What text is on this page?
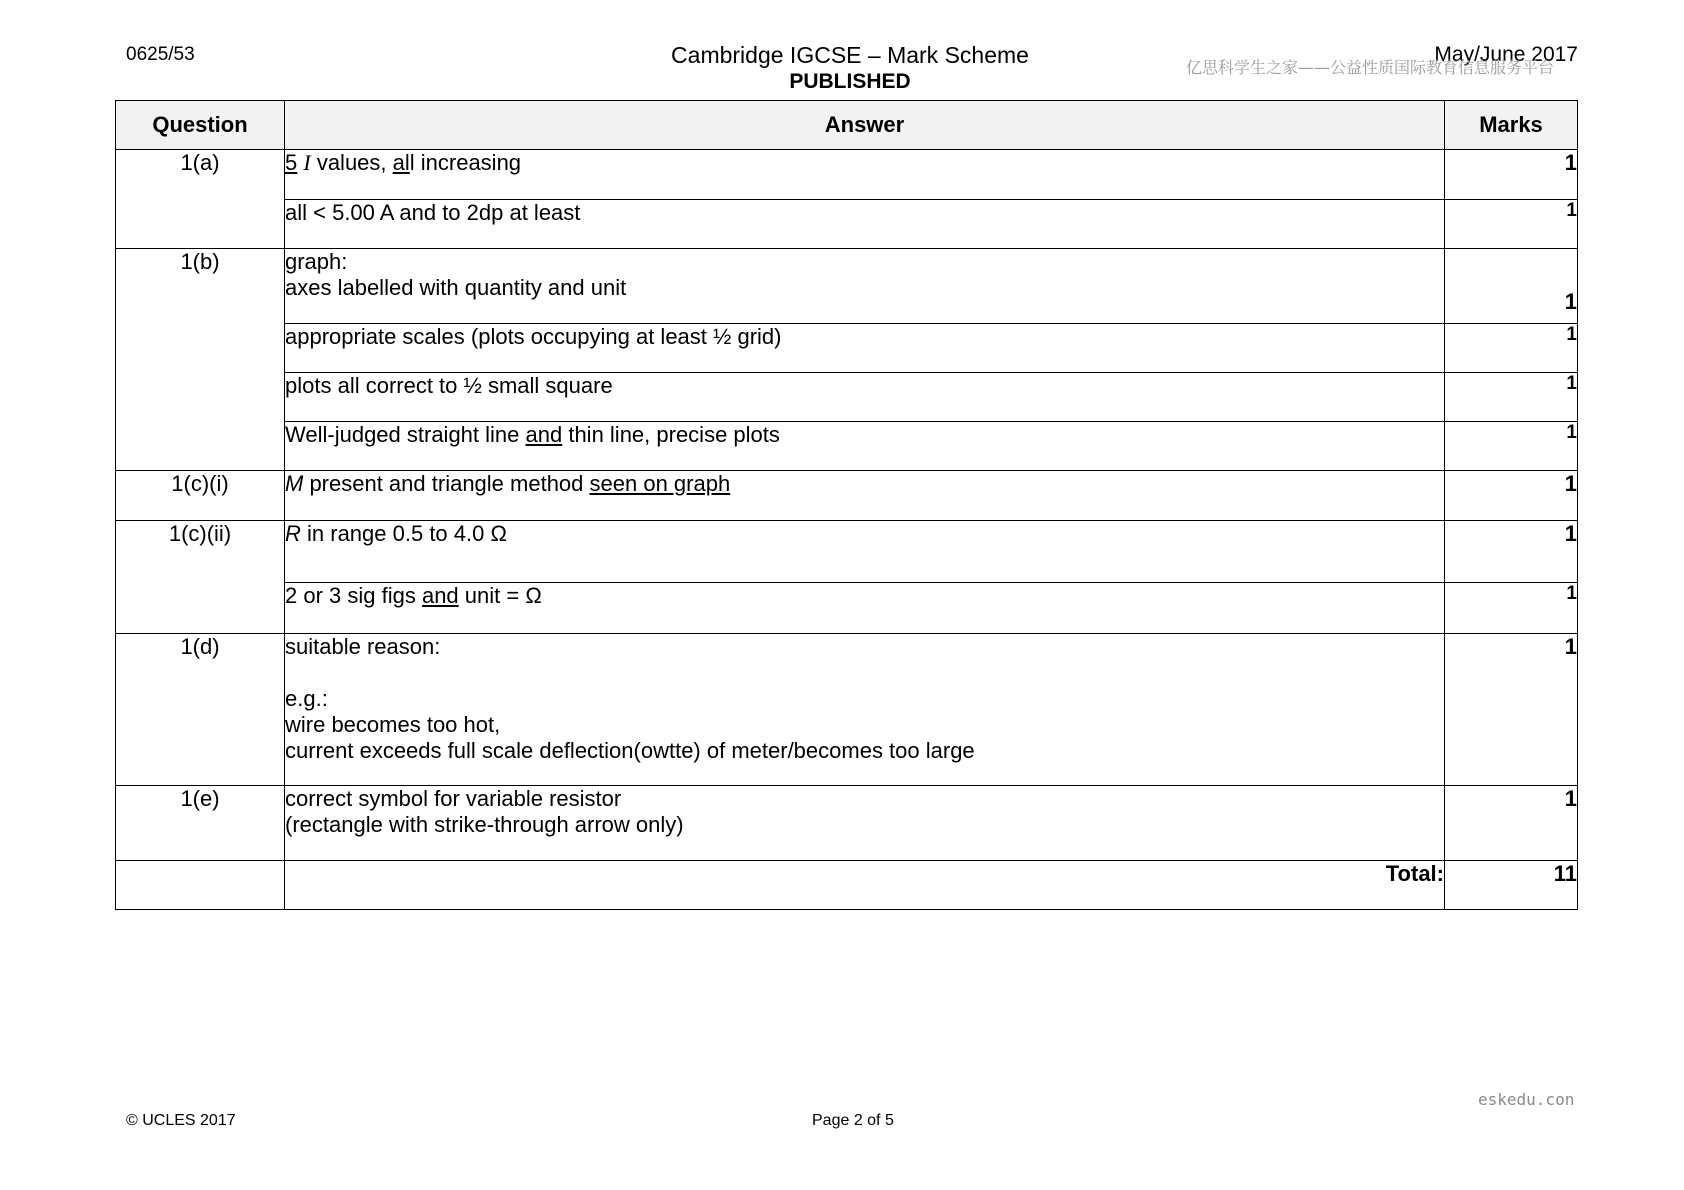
0625/53	Cambridge IGCSE – Mark Scheme
PUBLISHED
May/June 2017
亿思科学生之家——公益性质国际教育信息服务平台
Question	Answer	Marks
1(a)	5 I values, all increasing	1
	all < 5.00 A and to 2dp at least	1
1(b)	graph:
axes labelled with quantity and unit	1
	appropriate scales (plots occupying at least ½ grid)	1
	plots all correct to ½ small square	1
	Well-judged straight line and thin line, precise plots	1
1(c)(i)	M present and triangle method seen on graph	1
1(c)(ii)	R in range 0.5 to 4.0 Ω	1
	2 or 3 sig figs and unit = Ω	1
1(d)	suitable reason:
e.g.:
wire becomes too hot,
current exceeds full scale deflection(owtte) of meter/becomes too large	1
1(e)	correct symbol for variable resistor
(rectangle with strike-through arrow only)	1
	Total:	11
eskedu.con
© UCLES 2017	Page 2 of 5
